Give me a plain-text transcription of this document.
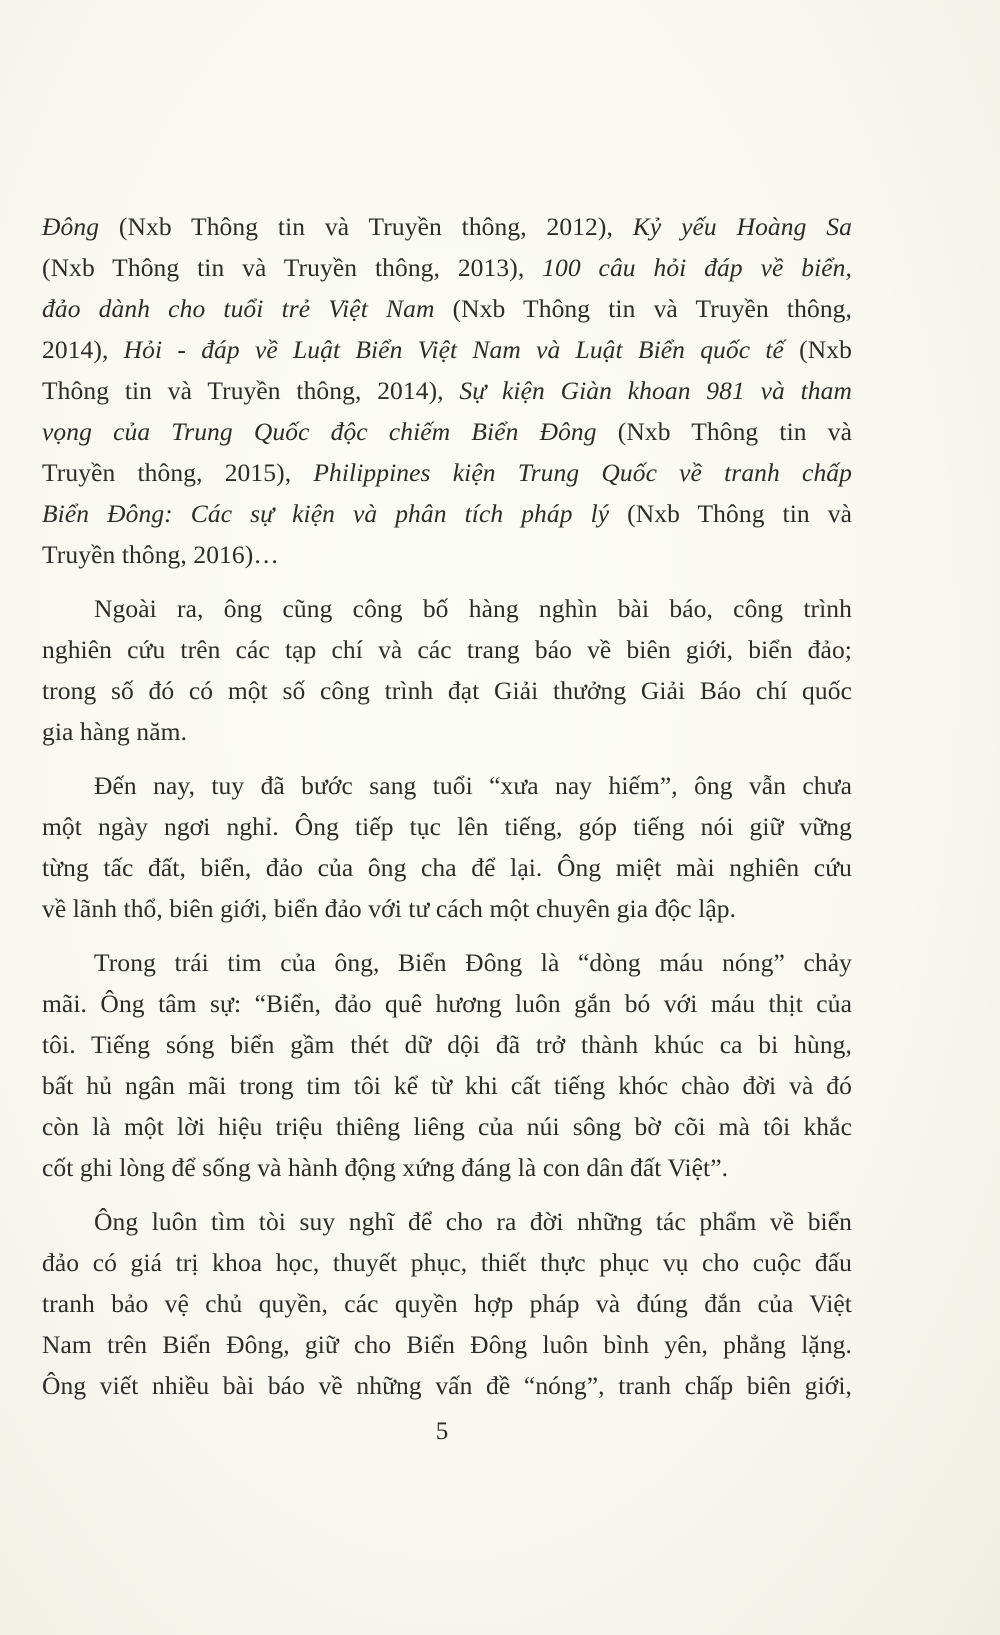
Đông (Nxb Thông tin và Truyền thông, 2012), Kỷ yếu Hoàng Sa
(Nxb Thông tin và Truyền thông, 2013), 100 câu hỏi đáp về biển,
đảo dành cho tuổi trẻ Việt Nam (Nxb Thông tin và Truyền thông,
2014), Hỏi - đáp về Luật Biển Việt Nam và Luật Biển quốc tế (Nxb
Thông tin và Truyền thông, 2014), Sự kiện Giàn khoan 981 và tham
vọng của Trung Quốc độc chiếm Biển Đông (Nxb Thông tin và
Truyền thông, 2015), Philippines kiện Trung Quốc về tranh chấp
Biển Đông: Các sự kiện và phân tích pháp lý (Nxb Thông tin và
Truyền thông, 2016)…
Ngoài ra, ông cũng công bố hàng nghìn bài báo, công trình
nghiên cứu trên các tạp chí và các trang báo về biên giới, biển đảo;
trong số đó có một số công trình đạt Giải thưởng Giải Báo chí quốc
gia hàng năm.
Đến nay, tuy đã bước sang tuổi “xưa nay hiếm”, ông vẫn chưa
một ngày ngơi nghỉ. Ông tiếp tục lên tiếng, góp tiếng nói giữ vững
từng tấc đất, biển, đảo của ông cha để lại. Ông miệt mài nghiên cứu
về lãnh thổ, biên giới, biển đảo với tư cách một chuyên gia độc lập.
Trong trái tim của ông, Biển Đông là “dòng máu nóng” chảy
mãi. Ông tâm sự: “Biển, đảo quê hương luôn gắn bó với máu thịt của
tôi. Tiếng sóng biển gầm thét dữ dội đã trở thành khúc ca bi hùng,
bất hủ ngân mãi trong tim tôi kể từ khi cất tiếng khóc chào đời và đó
còn là một lời hiệu triệu thiêng liêng của núi sông bờ cõi mà tôi khắc
cốt ghi lòng để sống và hành động xứng đáng là con dân đất Việt”.
Ông luôn tìm tòi suy nghĩ để cho ra đời những tác phẩm về biển
đảo có giá trị khoa học, thuyết phục, thiết thực phục vụ cho cuộc đấu
tranh bảo vệ chủ quyền, các quyền hợp pháp và đúng đắn của Việt
Nam trên Biển Đông, giữ cho Biển Đông luôn bình yên, phẳng lặng.
Ông viết nhiều bài báo về những vấn đề “nóng”, tranh chấp biên giới,
5
